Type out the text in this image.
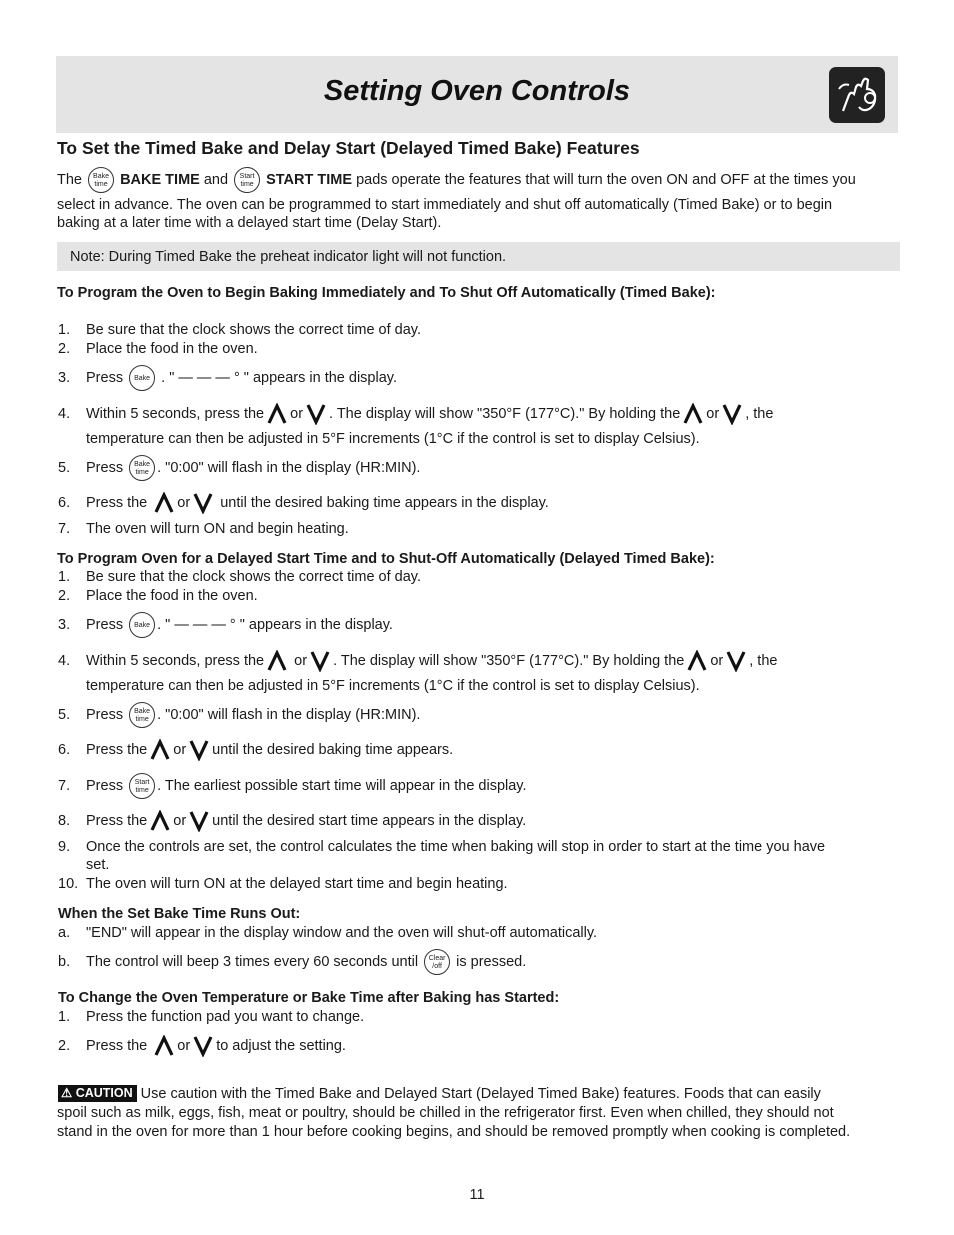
Setting Oven Controls
To Set the Timed Bake and Delay Start (Delayed Timed Bake) Features
The Bake
time BAKE TIME and Start
time START TIME pads operate the features that will turn the oven ON and OFF at the times you
select in advance. The oven can be programmed to start immediately and shut off automatically (Timed Bake) or to begin
baking at a later time with a delayed start time (Delay Start).
Note: During Timed Bake the preheat indicator light will not function.
To Program the Oven to Begin Baking Immediately and To Shut Off Automatically (Timed Bake):
1. Be sure that the clock shows the correct time of day.
2. Place the food in the oven.
3. Press Bake . " — — — ° " appears in the display.
4. Within 5 seconds, press the or . The display will show "350°F (177°C)." By holding the or , the
temperature can then be adjusted in 5°F increments (1°C if the control is set to display Celsius).
5. Press Bake
time . "0:00" will flash in the display (HR:MIN).
6. Press the or until the desired baking time appears in the display.
7. The oven will turn ON and begin heating.
To Program Oven for a Delayed Start Time and to Shut-Off Automatically (Delayed Timed Bake):
1. Be sure that the clock shows the correct time of day.
2. Place the food in the oven.
3. Press Bake . " — — — ° " appears in the display.
4. Within 5 seconds, press the or . The display will show "350°F (177°C)." By holding the or , the
temperature can then be adjusted in 5°F increments (1°C if the control is set to display Celsius).
5. Press Bake
time . "0:00" will flash in the display (HR:MIN).
6. Press the or until the desired baking time appears.
7. Press Start
time . The earliest possible start time will appear in the display.
8. Press the or until the desired start time appears in the display.
9. Once the controls are set, the control calculates the time when baking will stop in order to start at the time you have
set.
10. The oven will turn ON at the delayed start time and begin heating.
When the Set Bake Time Runs Out:
a. "END" will appear in the display window and the oven will shut-off automatically.
b. The control will beep 3 times every 60 seconds until Clear
/off is pressed.
To Change the Oven Temperature or Bake Time after Baking has Started:
1. Press the function pad you want to change.
2. Press the or to adjust the setting.
⚠ CAUTION Use caution with the Timed Bake and Delayed Start (Delayed Timed Bake) features. Foods that can easily
spoil such as milk, eggs, fish, meat or poultry, should be chilled in the refrigerator first. Even when chilled, they should not
stand in the oven for more than 1 hour before cooking begins, and should be removed promptly when cooking is completed.
11
